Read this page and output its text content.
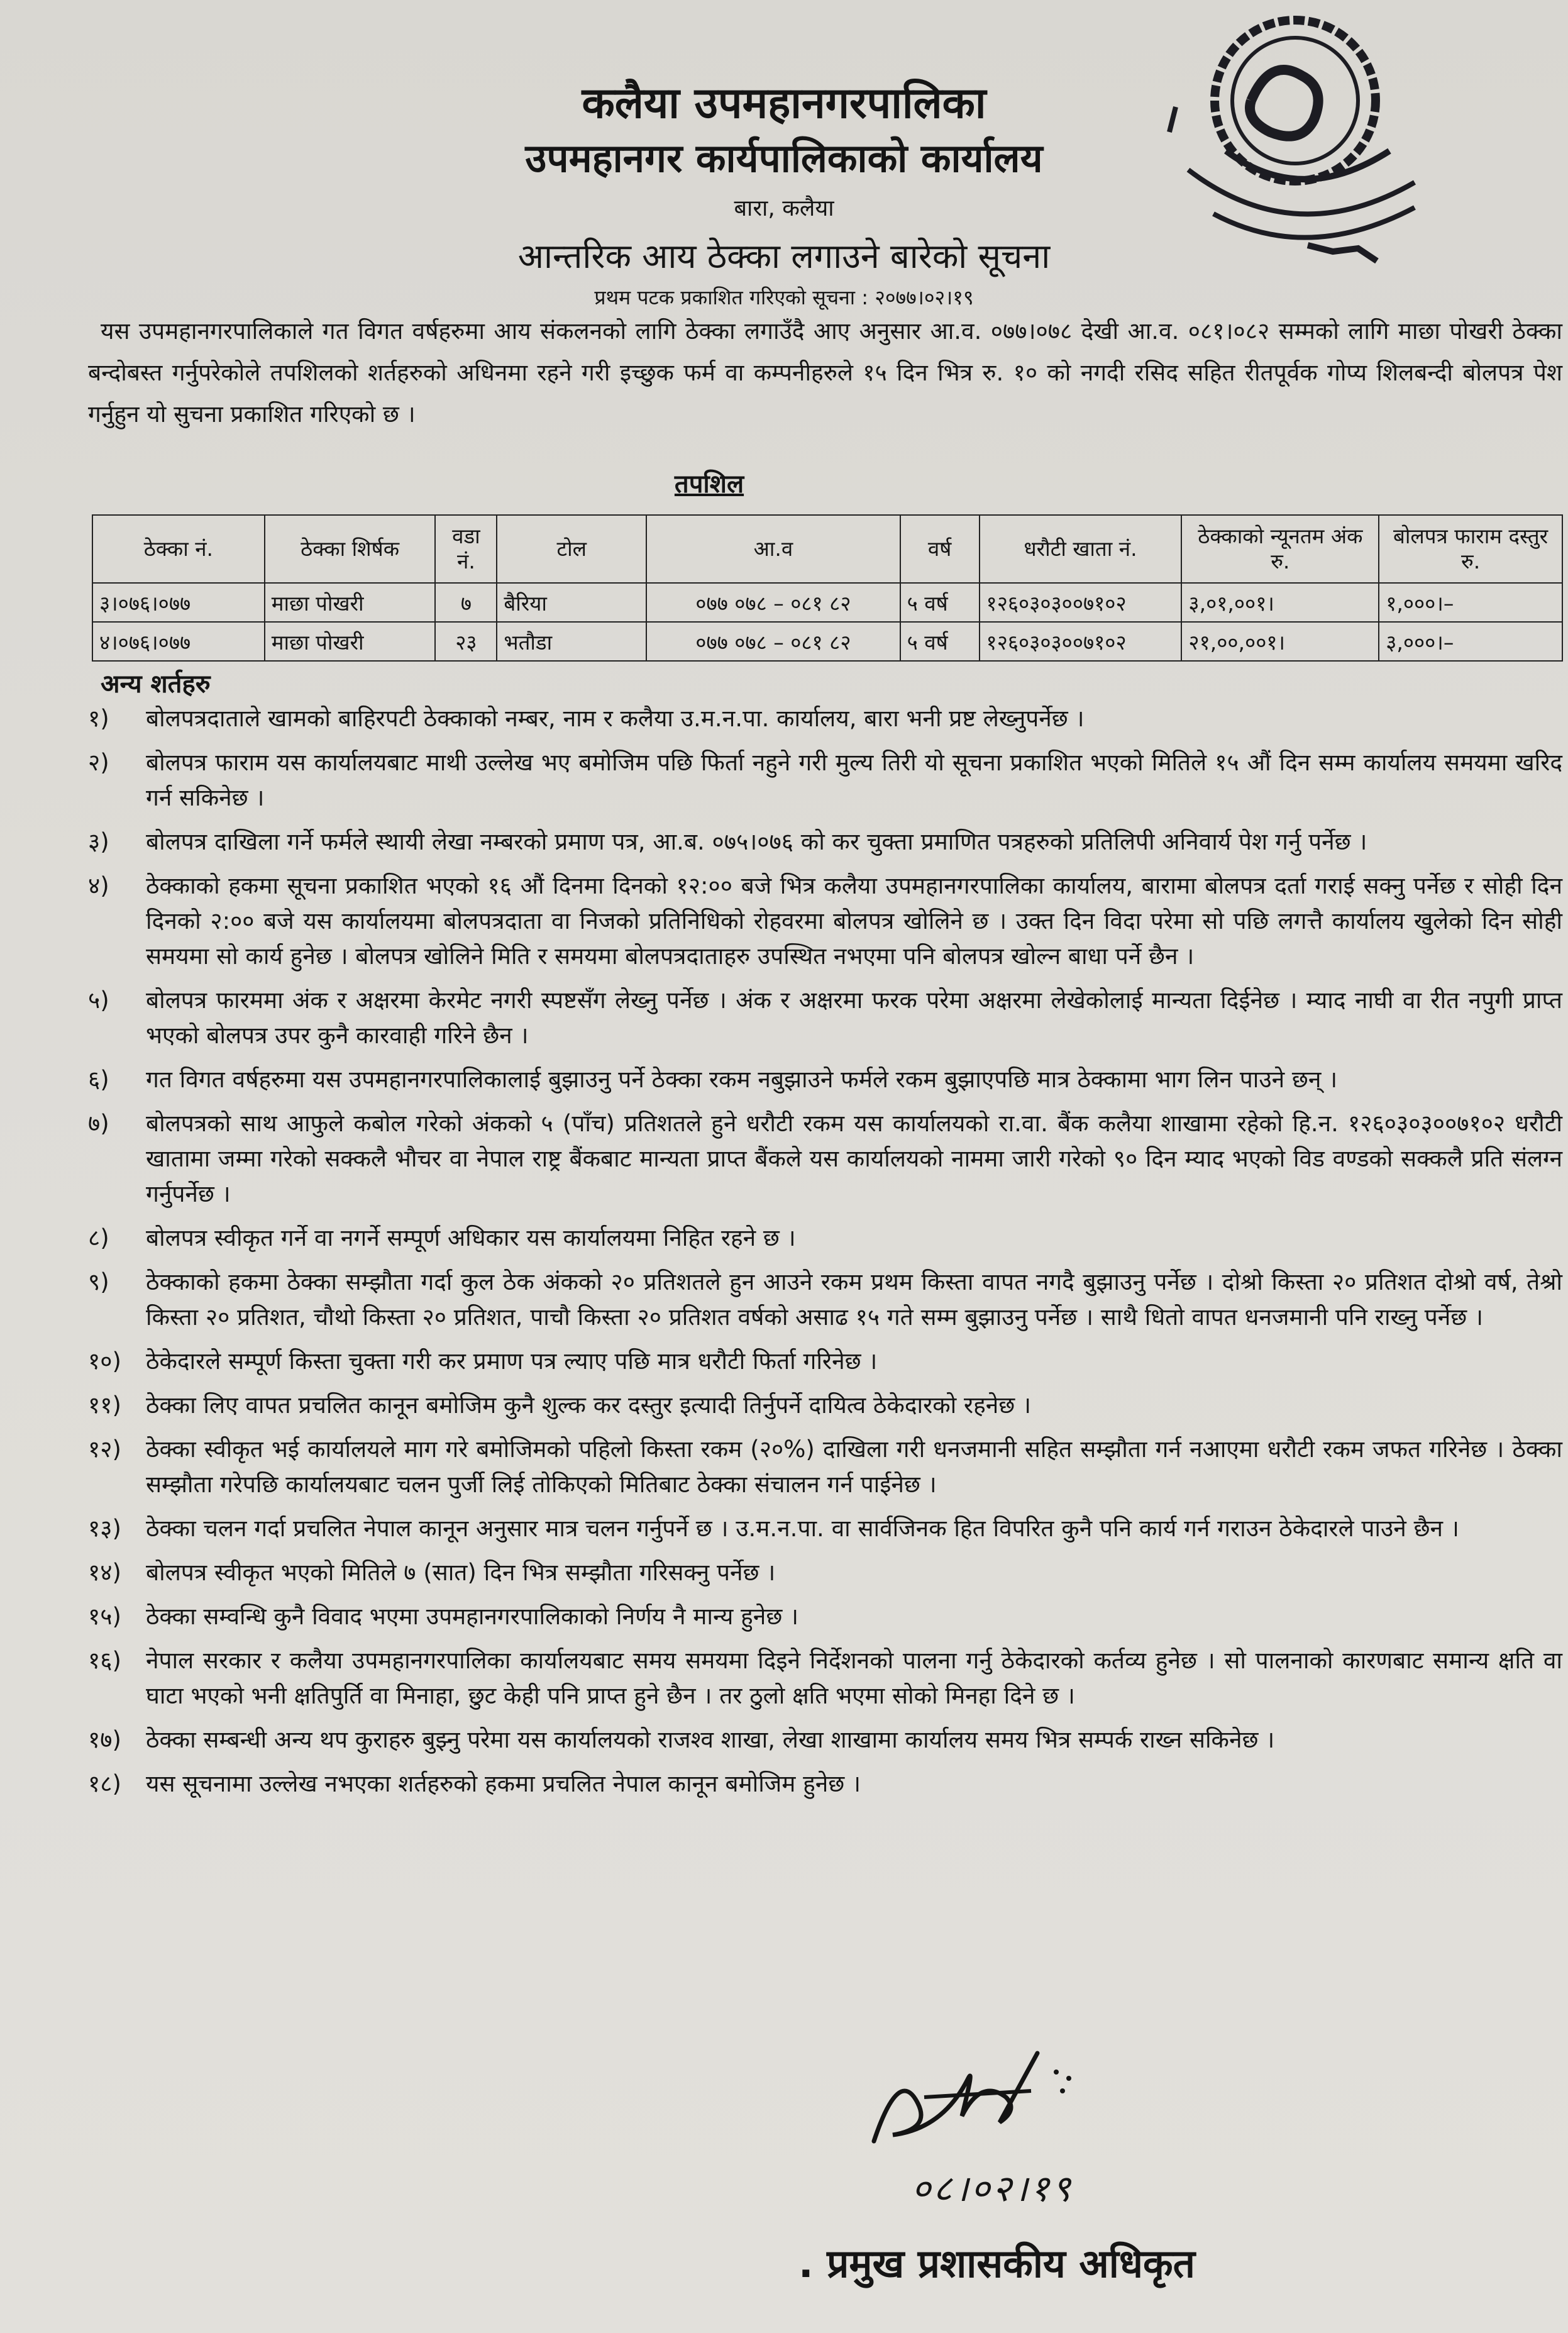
कलैया उपमहानगरपालिका
उपमहानगर कार्यपालिकाको कार्यालय
बारा, कलैया
आन्तरिक आय ठेक्का लगाउने बारेको सूचना
प्रथम पटक प्रकाशित गरिएको सूचना : २०७७।०२।१९
यस उपमहानगरपालिकाले गत विगत वर्षहरुमा आय संकलनको लागि ठेक्का लगाउँदै आए अनुसार आ.व. ०७७।०७८ देखी आ.व. ०८१।०८२ सम्मको लागि माछा पोखरी ठेक्का बन्दोबस्त गर्नुपरेकोले तपशिलको शर्तहरुको अधिनमा रहने गरी इच्छुक फर्म वा कम्पनीहरुले १५ दिन भित्र रु. १० को नगदी रसिद सहित रीतपूर्वक गोप्य शिलबन्दी बोलपत्र पेश गर्नुहुन यो सुचना प्रकाशित गरिएको छ ।
तपशिल
ठेक्का नं.	ठेक्का शिर्षक	वडा नं.	टोल	आ.व	वर्ष	धरौटी खाता नं.	ठेक्काको न्यूनतम अंक रु.	बोलपत्र फाराम दस्तुर रु.
३।०७६।०७७	माछा पोखरी	७	बैरिया	०७७ ०७८ – ०८१ ८२	५ वर्ष	१२६०३०३००७१०२	३,०१,००१।	१,०००।–
४।०७६।०७७	माछा पोखरी	२३	भतौडा	०७७ ०७८ – ०८१ ८२	५ वर्ष	१२६०३०३००७१०२	२१,००,००१।	३,०००।–
अन्य शर्तहरु
१) बोलपत्रदाताले खामको बाहिरपटी ठेक्काको नम्बर, नाम र कलैया उ.म.न.पा. कार्यालय, बारा भनी प्रष्ट लेख्नुपर्नेछ ।
२) बोलपत्र फाराम यस कार्यालयबाट माथी उल्लेख भए बमोजिम पछि फिर्ता नहुने गरी मुल्य तिरी यो सूचना प्रकाशित भएको मितिले १५ औं दिन सम्म कार्यालय समयमा खरिद गर्न सकिनेछ ।
३) बोलपत्र दाखिला गर्ने फर्मले स्थायी लेखा नम्बरको प्रमाण पत्र, आ.ब. ०७५।०७६ को कर चुक्ता प्रमाणित पत्रहरुको प्रतिलिपी अनिवार्य पेश गर्नु पर्नेछ ।
४) ठेक्काको हकमा सूचना प्रकाशित भएको १६ औं दिनमा दिनको १२:०० बजे भित्र कलैया उपमहानगरपालिका कार्यालय, बारामा बोलपत्र दर्ता गराई सक्नु पर्नेछ र सोही दिन दिनको २:०० बजे यस कार्यालयमा बोलपत्रदाता वा निजको प्रतिनिधिको रोहवरमा बोलपत्र खोलिने छ । उक्त दिन विदा परेमा सो पछि लगत्तै कार्यालय खुलेको दिन सोही समयमा सो कार्य हुनेछ । बोलपत्र खोलिने मिति र समयमा बोलपत्रदाताहरु उपस्थित नभएमा पनि बोलपत्र खोल्न बाधा पर्ने छैन ।
५) बोलपत्र फारममा अंक र अक्षरमा केरमेट नगरी स्पष्टसँग लेख्नु पर्नेछ । अंक र अक्षरमा फरक परेमा अक्षरमा लेखेकोलाई मान्यता दिईनेछ । म्याद नाघी वा रीत नपुगी प्राप्त भएको बोलपत्र उपर कुनै कारवाही गरिने छैन ।
६) गत विगत वर्षहरुमा यस उपमहानगरपालिकालाई बुझाउनु पर्ने ठेक्का रकम नबुझाउने फर्मले रकम बुझाएपछि मात्र ठेक्कामा भाग लिन पाउने छन् ।
७) बोलपत्रको साथ आफुले कबोल गरेको अंकको ५ (पाँच) प्रतिशतले हुने धरौटी रकम यस कार्यालयको रा.वा. बैंक कलैया शाखामा रहेको हि.न. १२६०३०३००७१०२ धरौटी खातामा जम्मा गरेको सक्कलै भौचर वा नेपाल राष्ट्र बैंकबाट मान्यता प्राप्त बैंकले यस कार्यालयको नाममा जारी गरेको ९० दिन म्याद भएको विड वण्डको सक्कलै प्रति संलग्न गर्नुपर्नेछ ।
८) बोलपत्र स्वीकृत गर्ने वा नगर्ने सम्पूर्ण अधिकार यस कार्यालयमा निहित रहने छ ।
९) ठेक्काको हकमा ठेक्का सम्झौता गर्दा कुल ठेक अंकको २० प्रतिशतले हुन आउने रकम प्रथम किस्ता वापत नगदै बुझाउनु पर्नेछ । दोश्रो किस्ता २० प्रतिशत दोश्रो वर्ष, तेश्रो किस्ता २० प्रतिशत, चौथो किस्ता २० प्रतिशत, पाचौ किस्ता २० प्रतिशत वर्षको असाढ १५ गते सम्म बुझाउनु पर्नेछ । साथै धितो वापत धनजमानी पनि राख्नु पर्नेछ ।
१०) ठेकेदारले सम्पूर्ण किस्ता चुक्ता गरी कर प्रमाण पत्र ल्याए पछि मात्र धरौटी फिर्ता गरिनेछ ।
११) ठेक्का लिए वापत प्रचलित कानून बमोजिम कुनै शुल्क कर दस्तुर इत्यादी तिर्नुपर्ने दायित्व ठेकेदारको रहनेछ ।
१२) ठेक्का स्वीकृत भई कार्यालयले माग गरे बमोजिमको पहिलो किस्ता रकम (२०%) दाखिला गरी धनजमानी सहित सम्झौता गर्न नआएमा धरौटी रकम जफत गरिनेछ । ठेक्का सम्झौता गरेपछि कार्यालयबाट चलन पुर्जी लिई तोकिएको मितिबाट ठेक्का संचालन गर्न पाईनेछ ।
१३) ठेक्का चलन गर्दा प्रचलित नेपाल कानून अनुसार मात्र चलन गर्नुपर्ने छ । उ.म.न.पा. वा सार्वजिनक हित विपरित कुनै पनि कार्य गर्न गराउन ठेकेदारले पाउने छैन ।
१४) बोलपत्र स्वीकृत भएको मितिले ७ (सात) दिन भित्र सम्झौता गरिसक्नु पर्नेछ ।
१५) ठेक्का सम्वन्धि कुनै विवाद भएमा उपमहानगरपालिकाको निर्णय नै मान्य हुनेछ ।
१६) नेपाल सरकार र कलैया उपमहानगरपालिका कार्यालयबाट समय समयमा दिइने निर्देशनको पालना गर्नु ठेकेदारको कर्तव्य हुनेछ । सो पालनाको कारणबाट समान्य क्षति वा घाटा भएको भनी क्षतिपुर्ति वा मिनाहा, छुट केही पनि प्राप्त हुने छैन । तर ठुलो क्षति भएमा सोको मिनहा दिने छ ।
१७) ठेक्का सम्बन्धी अन्य थप कुराहरु बुझ्नु परेमा यस कार्यालयको राजश्व शाखा, लेखा शाखामा कार्यालय समय भित्र सम्पर्क राख्न सकिनेछ ।
१८) यस सूचनामा उल्लेख नभएका शर्तहरुको हकमा प्रचलित नेपाल कानून बमोजिम हुनेछ ।
०८।०२।१९
. प्रमुख प्रशासकीय अधिकृत
